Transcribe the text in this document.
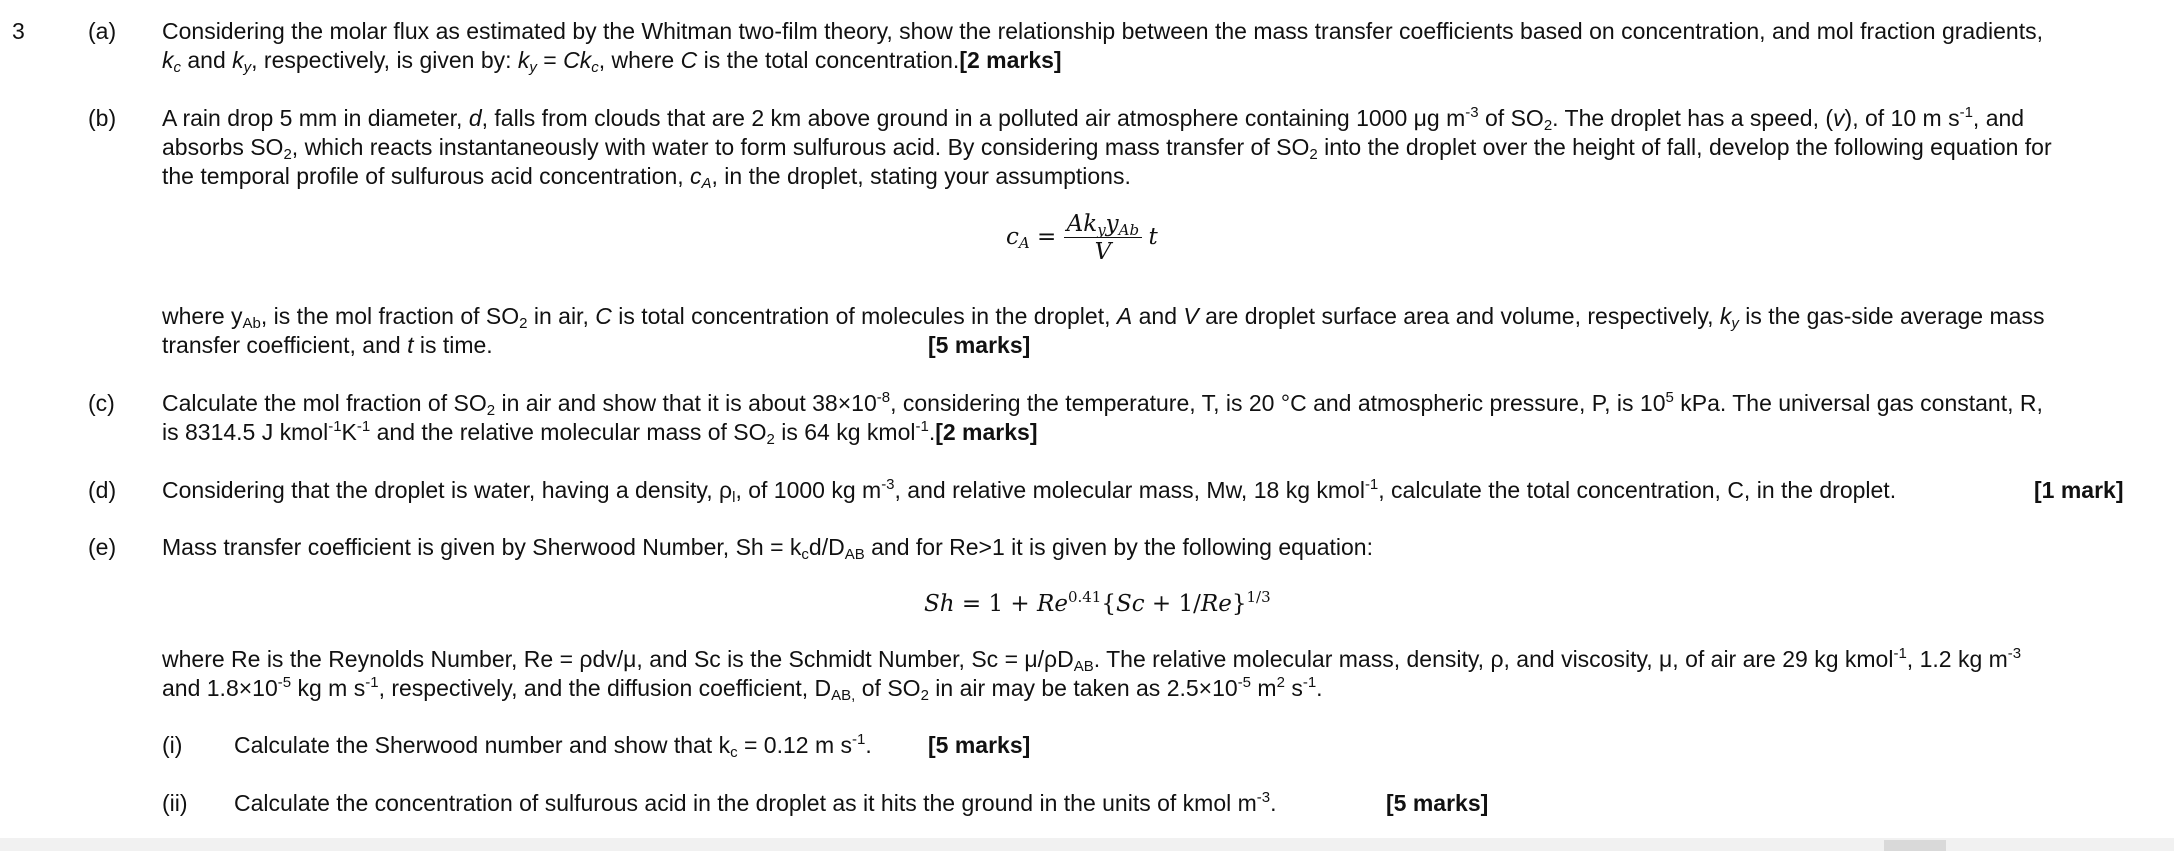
3	(a) Considering the molar flux as estimated by the Whitman two-film theory, show the relationship between the mass transfer coefficients based on concentration, and mol fraction gradients,
$k_c$ and $k_y$, respectively, is given by: $k_y = Ck_c$, where C is the total concentration.[2 marks]
(b) A rain drop 5 mm in diameter, d, falls from clouds that are 2 km above ground in a polluted air atmosphere containing 1000 μg $m^{-3}$ of $SO_2$. The droplet has a speed, (v), of 10 m $s^{-1}$, and
absorbs $SO_2$, which reacts instantaneously with water to form sulfurous acid. By considering mass transfer of $SO_2$ into the droplet over the height of fall, develop the following equation for
the temporal profile of sulfurous acid concentration, $c_A$, in the droplet, stating your assumptions.
$c_A = \frac{Ak_yy_{Ab}}{V}$ t
where $y_{Ab}$, is the mol fraction of $SO_2$ in air, C is total concentration of molecules in the droplet, A and V are droplet surface area and volume, respectively, $k_y$ is the gas-side average mass
transfer coefficient, and t is time.	[5 marks]
(c) Calculate the mol fraction of $SO_2$ in air and show that it is about $38\times 10^{-8}$, considering the temperature, T, is 20 °C and atmospheric pressure, P, is $10^5$ kPa. The universal gas constant, R,
is 8314.5 J $kmol^{-1}K^{-1}$ and the relative molecular mass of $SO_2$ is 64 kg kmol$^{-1}$.[2 marks]
(d) Considering that the droplet is water, having a density, $\rho_l$, of 1000 kg $m^{-3}$, and relative molecular mass, Mw, 18 kg kmol$^{-1}$, calculate the total concentration, C, in the droplet.	[1 mark]
(e) Mass transfer coefficient is given by Sherwood Number, $Sh = k_cd/D_{AB}$ and for Re>1 it is given by the following equation:
$Sh = 1 + Re^{0.41}\{Sc + 1/Re\}^{1/3}$
where Re is the Reynolds Number, Re = ρdv/μ, and Sc is the Schmidt Number, $Sc = \mu/\rho D_{AB}$. The relative molecular mass, density, ρ, and viscosity, μ, of air are 29 kg kmol$^{-1}$, 1.2 kg $m^{-3}$
and $1.8\times 10^{-5}$ kg m $s^{-1}$, respectively, and the diffusion coefficient, $D_{AB,}$ of $SO_2$ in air may be taken as $2.5\times 10^{-5}$ $m^2$ $s^{-1}$.
(i) Calculate the Sherwood number and show that $k_c = 0.12$ m $s^{-1}$. [5 marks]
(ii) Calculate the concentration of sulfurous acid in the droplet as it hits the ground in the units of kmol $m^{-3}$.	[5 marks]
